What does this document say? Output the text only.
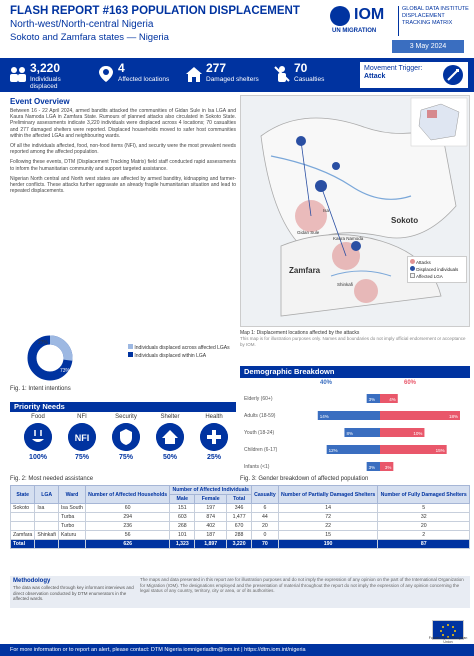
FLASH REPORT #163 POPULATION DISPLACEMENT
North-west/North-central Nigeria
Sokoto and Zamfara states — Nigeria
IOM
UN MIGRATION
GLOBAL DATA INSTITUTE DISPLACEMENT TRACKING MATRIX
3 May 2024
3,220
Individuals displaced
4
Affected locations
277
Damaged shelters
70
Casualties
Movement Trigger:
Attack
Event Overview

Between 16 - 22 April 2024, armed bandits attacked the communities of Gidan Sule in Isa LGA and Kaura Namoda LGA in Zamfara State. Rumours of planned attacks also circulated in Sokoto State. Preliminary assessments indicate 3,220 individuals were displaced across 4 locations; 70 casualties and 277 damaged shelters were reported. Displaced households moved to safer host communities within the affected LGAs and neighbouring wards.

Of all the individuals affected, food, non-food items (NFI), and security were the most prevalent needs reported among the affected population.

Following these events, DTM (Displacement Tracking Matrix) field staff conducted rapid assessments to inform the humanitarian community and support targeted assistance.

Nigerian North central and North west states are affected by armed banditry, kidnapping and farmer-herder conflicts. These attacks further aggravate an already fragile humanitarian situation and lead to repeated displacements.

Sokoto
Zamfara
Isa
Kaura Namoda
Shinkafi
Gidan Sule
Attacks
Displaced individuals
Affected LGA
Map 1: Displacement locations affected by the attacks
This map is for illustration purposes only. Names and boundaries do not imply official endorsement or acceptance by IOM.
27%
73%
Individuals displaced across affected LGAs
Individuals displaced within LGA
Fig. 1: Intent intentions
Priority Needs
Food
100%
NFI
NFI
75%
Security
75%
Shelter
50%
Health
25%
Fig. 2: Most needed assistance
Demographic Breakdown
40%	60%
Elderly (60+)	3%	4%
Adults (18-59)	14%	18%
Youth (18-24)	8%	10%
Children (6-17)	12%	15%
Infants (<1)	3% 3%
Fig. 3: Gender breakdown of affected population
State	LGA	Ward	Number of Affected Households	Number of Affected Individuals			Casualty	Number of Partially Damaged Shelters	Number of Fully Damaged Shelters
				Male	Female	Total			
Sokoto	Isa	Isa South	60	151	197	346	6	14	5
		Turba	294	603	874	1,477	44	72	32
		Turbo	236	268	402	670	20	22	20
Zamfara	Shinkafi	Katuru	56	101	187	288	0	15	2
Total			626	1,323	1,897	3,220	70	190	87
Methodology
The data was collected through key informant interviews and direct observation conducted by DTM enumerators in the affected wards.
The maps and data presented in this report are for illustration purposes and do not imply the expression of any opinion on the part of the International Organization for Migration (IOM). The designations employed and the presentation of material throughout the report do not imply the expression of any opinion concerning the legal status of any country, territory, city or area, or of its authorities.
Funded by the European Union
For more information or to report an alert, please contact: DTM Nigeria iomnigeriadtm@iom.int | https://dtm.iom.int/nigeria
